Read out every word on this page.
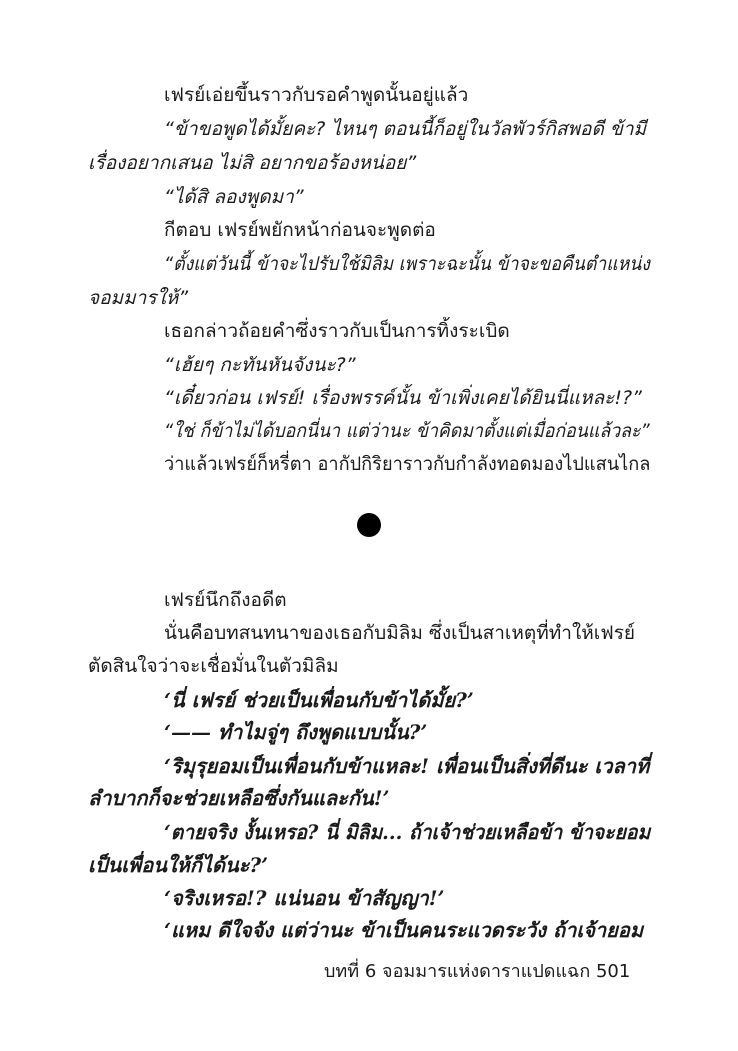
เฟรย์เอ่ยขึ้นราวกับรอคำพูดนั้นอยู่แล้ว
“ข้าขอพูดได้มั้ยคะ? ไหนๆ ตอนนี้ก็อยู่ในวัลพัวร์กิสพอดี ข้ามี
เรื่องอยากเสนอ ไม่สิ อยากขอร้องหน่อย”
“ได้สิ ลองพูดมา”
กีตอบ เฟรย์พยักหน้าก่อนจะพูดต่อ
“ตั้งแต่วันนี้ ข้าจะไปรับใช้มิลิม เพราะฉะนั้น ข้าจะขอคืนตำแหน่ง
จอมมารให้”
เธอกล่าวถ้อยคำซึ่งราวกับเป็นการทิ้งระเบิด
“เฮ้ยๆ กะทันหันจังนะ?”
“เดี๋ยวก่อน เฟรย์! เรื่องพรรค์นั้น ข้าเพิ่งเคยได้ยินนี่แหละ!?”
“ใช่ ก็ข้าไม่ได้บอกนี่นา แต่ว่านะ ข้าคิดมาตั้งแต่เมื่อก่อนแล้วละ”
ว่าแล้วเฟรย์ก็หรี่ตา อากัปกิริยาราวกับกำลังทอดมองไปแสนไกล
เฟรย์นึกถึงอดีต
นั่นคือบทสนทนาของเธอกับมิลิม ซึ่งเป็นสาเหตุที่ทำให้เฟรย์
ตัดสินใจว่าจะเชื่อมั่นในตัวมิลิม
‘นี่ เฟรย์ ช่วยเป็นเพื่อนกับข้าได้มั้ย?’
‘—— ทำไมจู่ๆ ถึงพูดแบบนั้น?’
‘ริมุรุยอมเป็นเพื่อนกับข้าแหละ! เพื่อนเป็นสิ่งที่ดีนะ เวลาที่
ลำบากก็จะช่วยเหลือซึ่งกันและกัน!’
‘ตายจริง งั้นเหรอ? นี่ มิลิม... ถ้าเจ้าช่วยเหลือข้า ข้าจะยอม
เป็นเพื่อนให้ก็ได้นะ?’
‘จริงเหรอ!? แน่นอน ข้าสัญญา!’
‘แหม ดีใจจัง แต่ว่านะ ข้าเป็นคนระแวดระวัง ถ้าเจ้ายอม
บทที่ 6 จอมมารแห่งดาราแปดแฉก 501
